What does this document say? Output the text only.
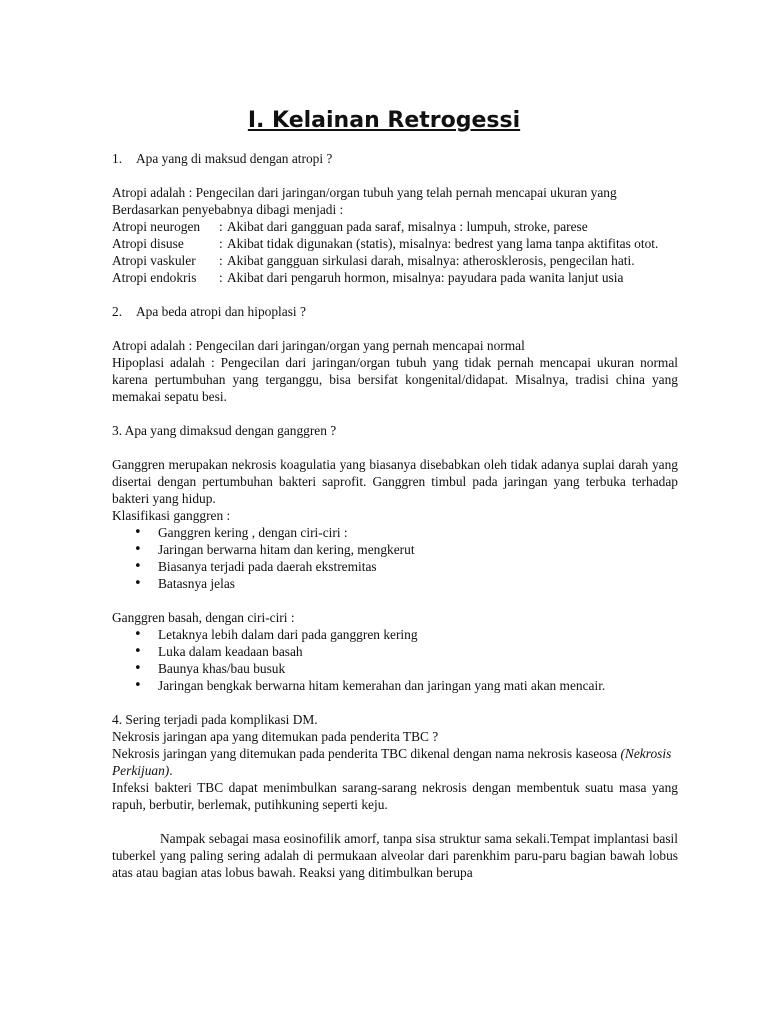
I. Kelainan Retrogessi

1. Apa yang di maksud dengan atropi ?

Atropi adalah : Pengecilan dari jaringan/organ tubuh yang telah pernah mencapai ukuran yang

Berdasarkan penyebabnya dibagi menjadi :

Atropi neurogen	: Akibat dari gangguan pada saraf, misalnya : lumpuh, stroke, parese
Atropi disuse	: Akibat tidak digunakan (statis), misalnya: bedrest yang lama tanpa aktifitas otot.
Atropi vaskuler	: Akibat gangguan sirkulasi darah, misalnya: atherosklerosis, pengecilan hati.
Atropi endokris	: Akibat dari pengaruh hormon, misalnya: payudara pada wanita lanjut usia

2. Apa beda atropi dan hipoplasi ?

Atropi adalah : Pengecilan dari jaringan/organ yang pernah mencapai normal

Hipoplasi adalah : Pengecilan dari jaringan/organ tubuh yang tidak pernah mencapai ukuran normal karena pertumbuhan yang terganggu, bisa bersifat kongenital/didapat. Misalnya, tradisi china yang memakai sepatu besi.

3. Apa yang dimaksud dengan ganggren ?

Ganggren merupakan nekrosis koagulatia yang biasanya disebabkan oleh tidak adanya suplai darah yang disertai dengan pertumbuhan bakteri saprofit. Ganggren timbul pada jaringan yang terbuka terhadap bakteri yang hidup.

Klasifikasi ganggren :

• Ganggren kering , dengan ciri-ciri :
• Jaringan berwarna hitam dan kering, mengkerut
• Biasanya terjadi pada daerah ekstremitas
• Batasnya jelas

Ganggren basah, dengan ciri-ciri :

• Letaknya lebih dalam dari pada ganggren kering
• Luka dalam keadaan basah
• Baunya khas/bau busuk
• Jaringan bengkak berwarna hitam kemerahan dan jaringan yang mati akan mencair.

4. Sering terjadi pada komplikasi DM.

Nekrosis jaringan apa yang ditemukan pada penderita TBC ?

Nekrosis jaringan yang ditemukan pada penderita TBC dikenal dengan nama nekrosis kaseosa (Nekrosis Perkijuan).

Infeksi bakteri TBC dapat menimbulkan sarang-sarang nekrosis dengan membentuk suatu masa yang rapuh, berbutir, berlemak, putihkuning seperti keju.

Nampak sebagai masa eosinofilik amorf, tanpa sisa struktur sama sekali.Tempat implantasi basil tuberkel yang paling sering adalah di permukaan alveolar dari parenkhim paru-paru bagian bawah lobus atas atau bagian atas lobus bawah. Reaksi yang ditimbulkan berupa
